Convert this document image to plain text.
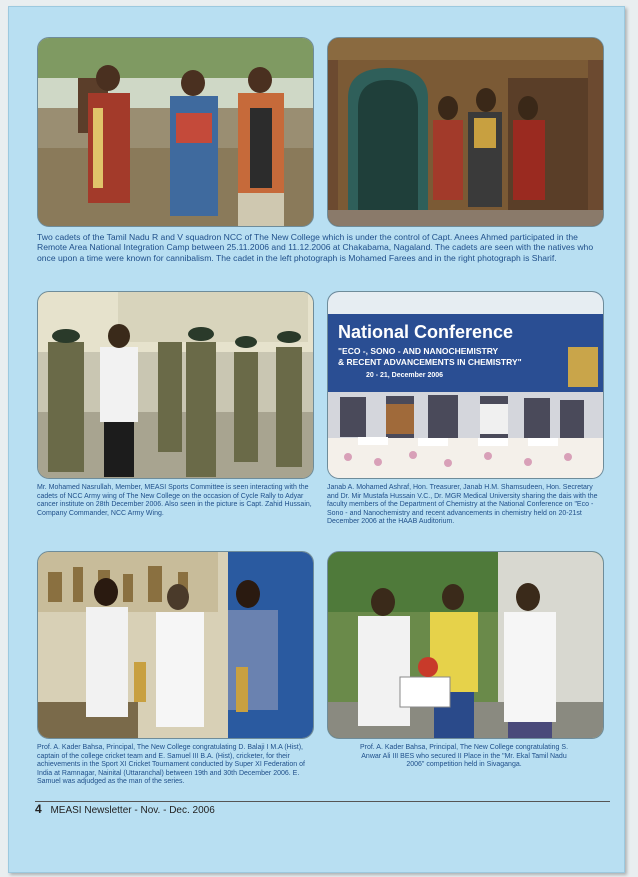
Two cadets of the Tamil Nadu R and V squadron NCC of The New College which is under the control of Capt. Anees Ahmed participated in the Remote Area National Integration Camp between 25.11.2006 and 11.12.2006 at Chakabama, Nagaland. The cadets are seen with the natives who once upon a time were known for cannibalism. The cadet in the left photograph is Mohamed Farees and in the right photograph is Sharif.
National Conference
"ECO -, SONO - AND NANOCHEMISTRY
& RECENT ADVANCEMENTS IN CHEMISTRY"
20 - 21, December 2006
Mr. Mohamed Nasrullah, Member, MEASI Sports Committee is seen interacting with the cadets of NCC Army wing of The New College on the occasion of Cycle Rally to Adyar cancer institute on 28th December 2006. Also seen in the picture is Capt. Zahid Hussain, Company Commander, NCC Army Wing.
Janab A. Mohamed Ashraf, Hon. Treasurer, Janab H.M. Shamsudeen, Hon. Secretary and Dr. Mir Mustafa Hussain V.C., Dr. MGR Medical University sharing the dais with the faculty members of the Department of Chemistry at the National Conference on "Eco - Sono - and Nanochemistry and recent advancements in chemistry held on 20-21st December 2006 at the HAAB Auditorium.
Prof. A. Kader Bahsa, Principal, The New College congratulating D. Balaji I M.A (Hist), captain of the college cricket team and E. Samuel III B.A. (Hist), cricketer, for their achievements in the Sport XI Cricket Tournament conducted by Super XI Federation of India at Ramnagar, Nainital (Uttaranchal) between 19th and 30th December 2006. E. Samuel was adjudged as the man of the series.
Prof. A. Kader Bahsa, Principal, The New College congratulating S. Anwar Ali III BES who secured II Place in the "Mr. Ekal Tamil Nadu 2006" competition held in Sivaganga.
4 MEASI Newsletter - Nov. - Dec. 2006
